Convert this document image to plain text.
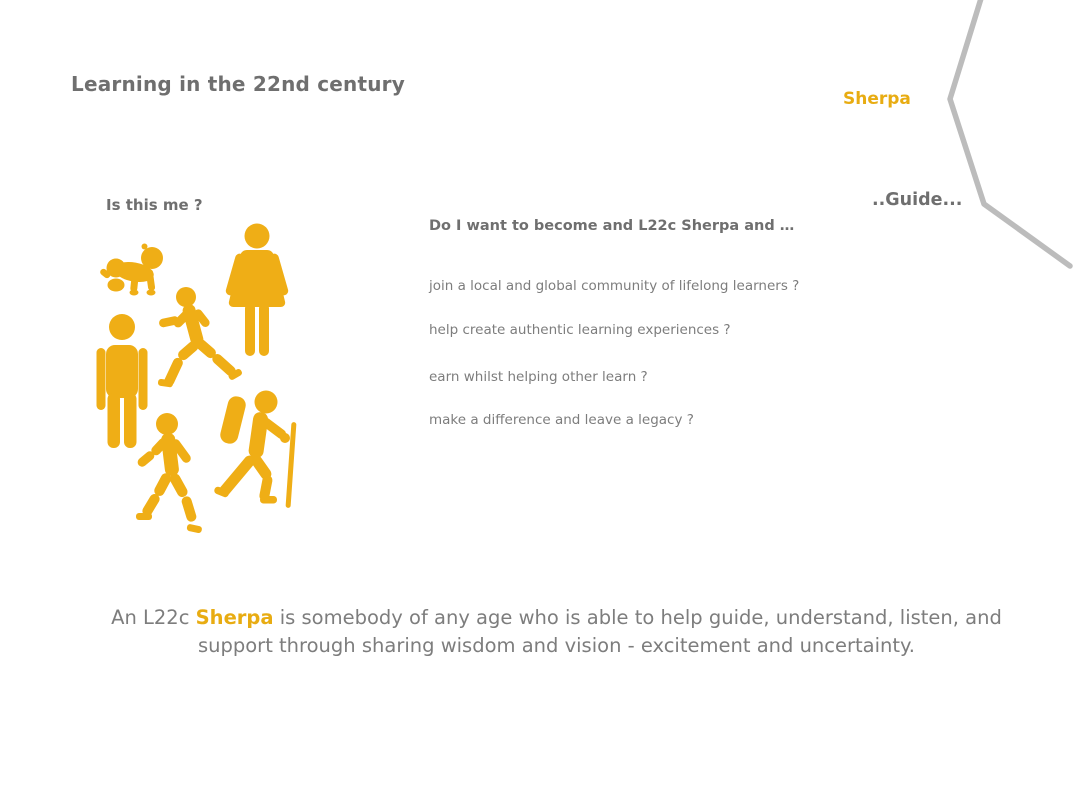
Learning in the 22nd century
Sherpa
..Guide...
Is this me ?
Do I want to become and L22c Sherpa and …
join a local and global community of lifelong learners ?
help create authentic learning experiences ?
earn whilst helping other learn ?
make a difference and leave a legacy ?
An L22c Sherpa is somebody of any age who is able to help guide, understand, listen, and
support through sharing wisdom and vision - excitement and uncertainty.
